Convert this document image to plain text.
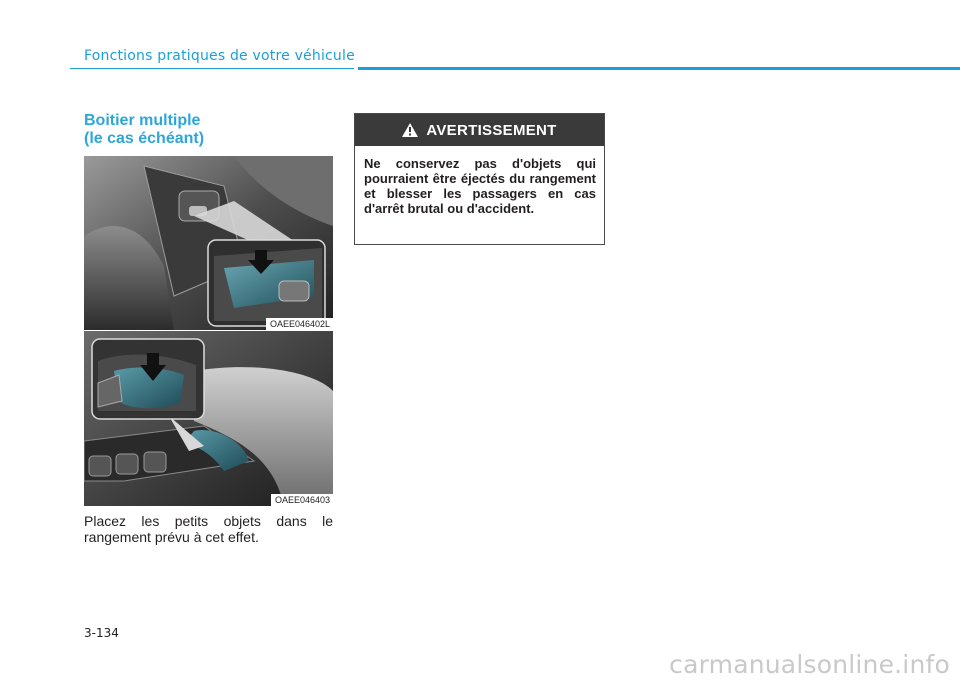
Fonctions pratiques de votre véhicule
Boitier multiple
(le cas échéant)
OAEE046402L
OAEE046403
Placez les petits objets dans le rangement prévu à cet effet.
AVERTISSEMENT
Ne conservez pas d'objets qui pourraient être éjectés du rangement et blesser les passagers en cas d'arrêt brutal ou d'accident.
3-134
carmanualsonline.info
